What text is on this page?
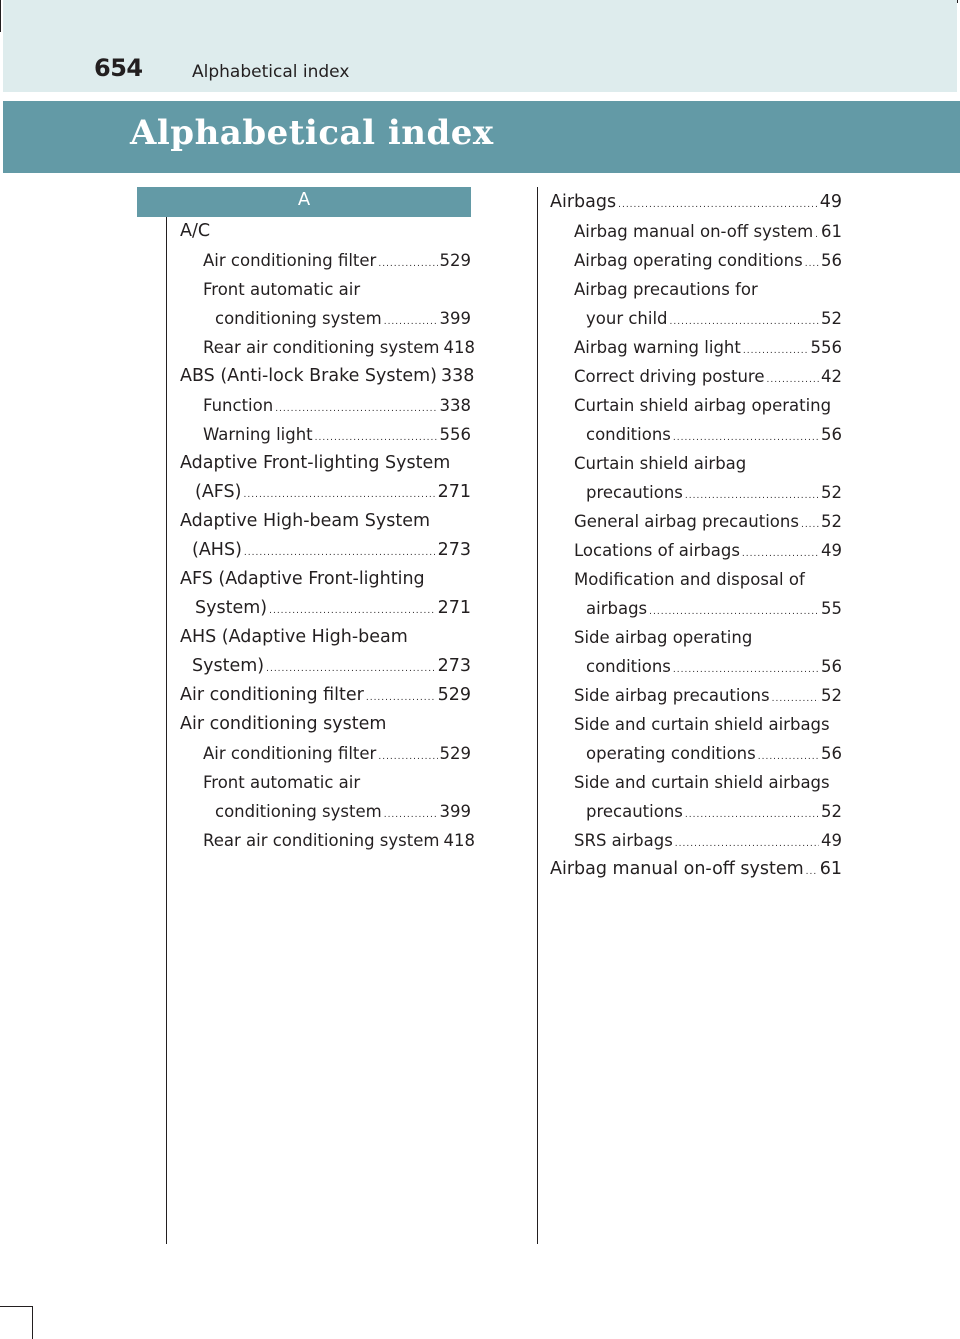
654	Alphabetical index
Alphabetical index
A
A/C
Air conditioning filter .....	529
Front automatic air
conditioning system .....	399
Rear air conditioning system 418
ABS (Anti-lock Brake System) 338
Function .....	338
Warning light .....	556
Adaptive Front-lighting System
(AFS) .....	271
Adaptive High-beam System
(AHS) .....	273
AFS (Adaptive Front-lighting
System) .....	271
AHS (Adaptive High-beam
System) .....	273
Air conditioning filter .....	529
Air conditioning system
Air conditioning filter .....	529
Front automatic air
conditioning system .....	399
Rear air conditioning system 418
Airbags .....	49
Airbag manual on-off system ..... 61
Airbag operating conditions ..... 56
Airbag precautions for
your child .....	52
Airbag warning light .....	556
Correct driving posture .....	42
Curtain shield airbag operating
conditions .....	56
Curtain shield airbag
precautions .....	52
General airbag precautions ..... 52
Locations of airbags .....	49
Modification and disposal of
airbags .....	55
Side airbag operating
conditions .....	56
Side airbag precautions .....	52
Side and curtain shield airbags
operating conditions .....	56
Side and curtain shield airbags
precautions .....	52
SRS airbags .....	49
Airbag manual on-off system ..... 61
